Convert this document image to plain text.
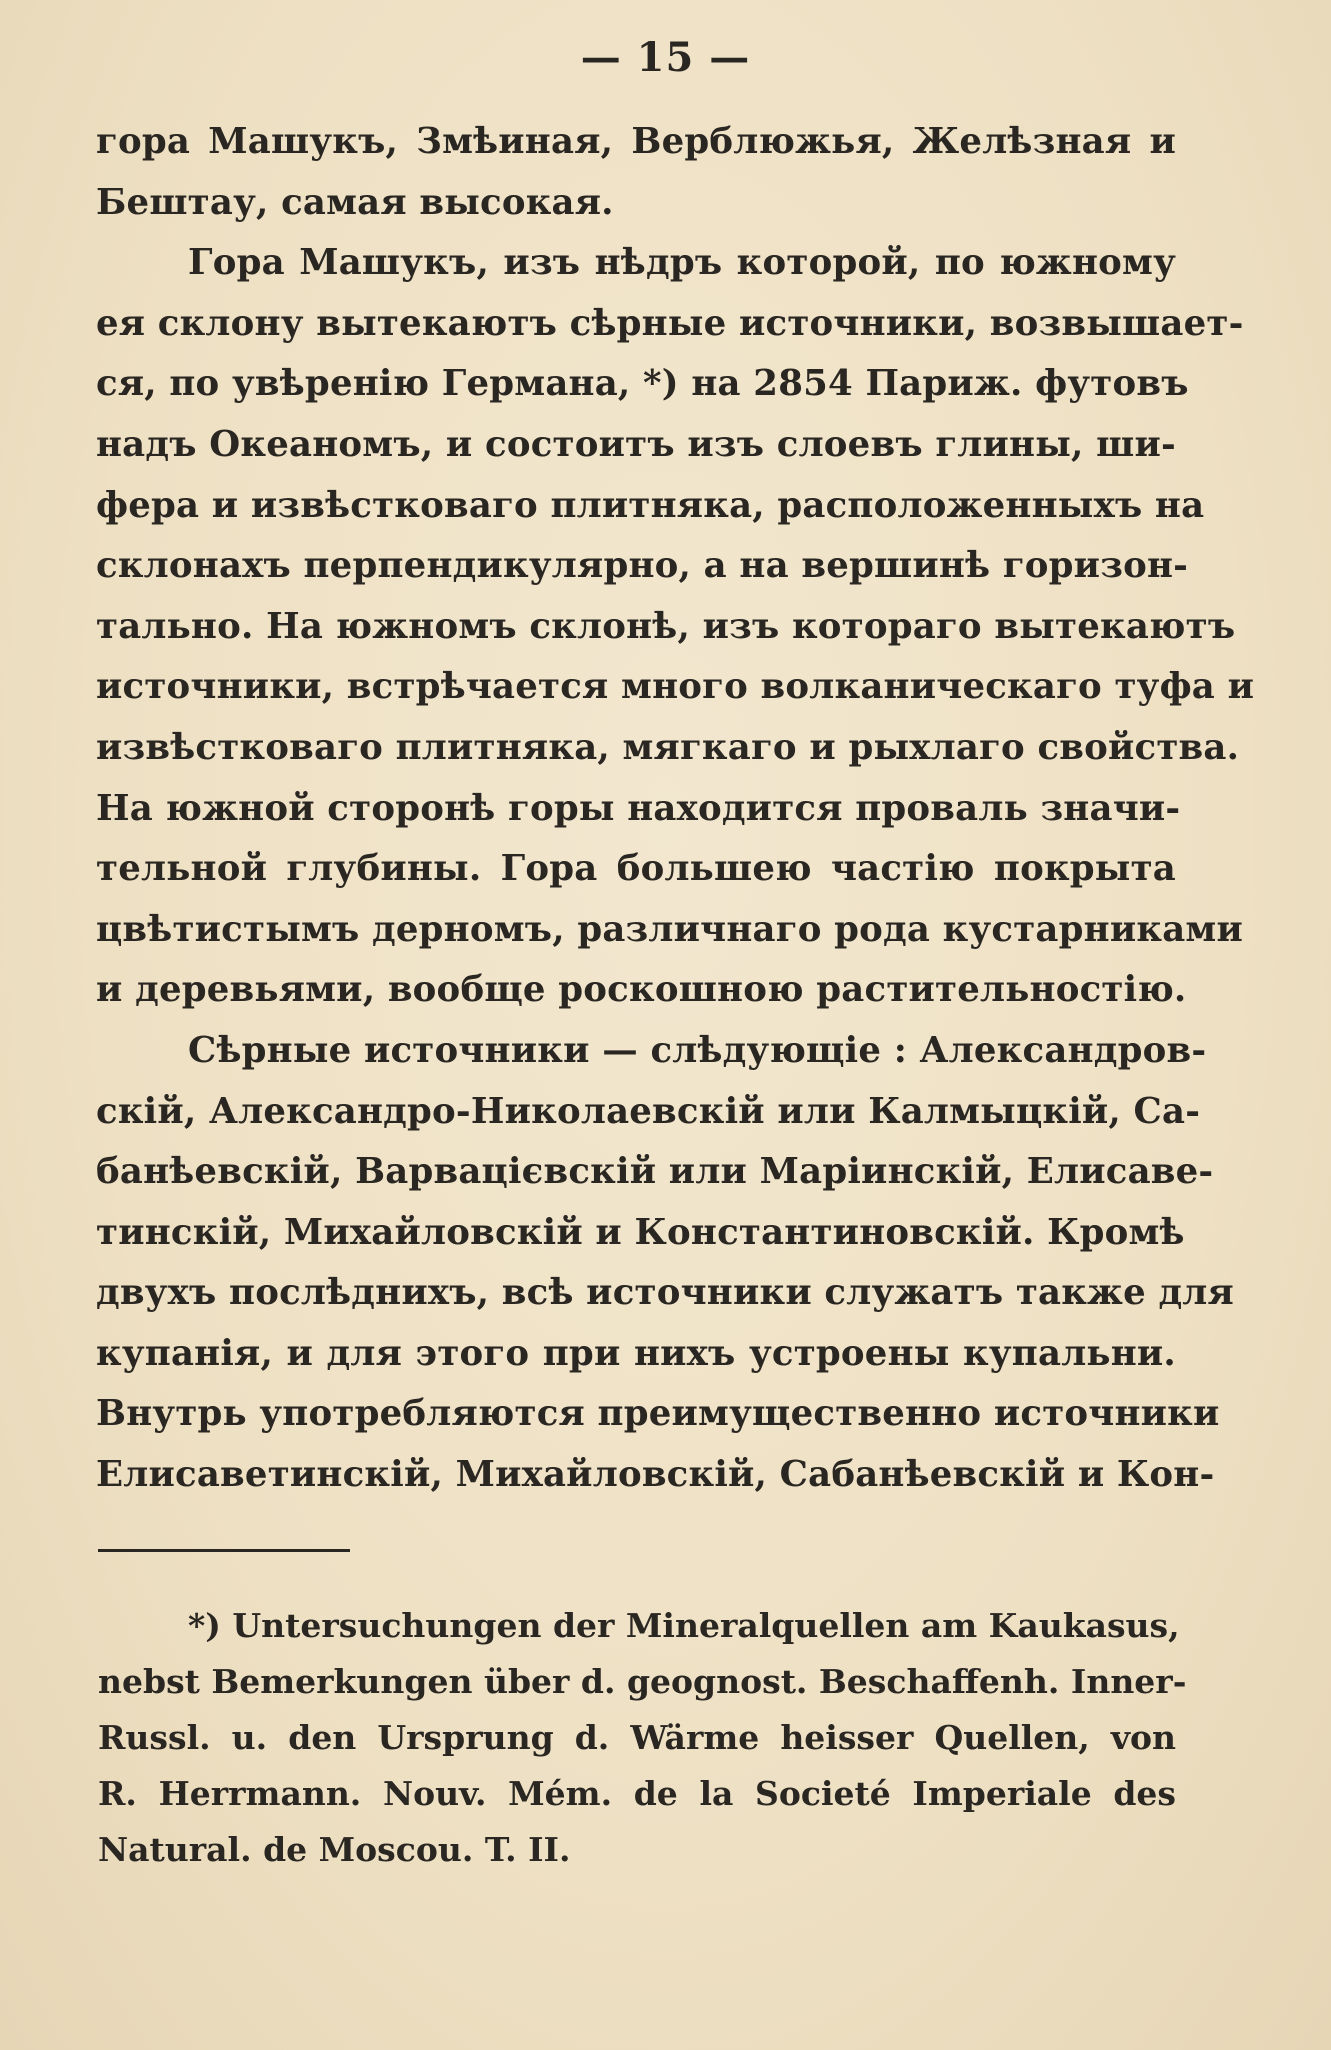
— 15 —
гора Машукъ, Змѣиная, Верблюжья, Желѣзная и
Бештау, самая высокая.
Гора Машукъ, изъ нѣдръ которой, по южному
ея склону вытекаютъ сѣрные источники, возвышает-
ся, по увѣренію Германа, *) на 2854 Париж. футовъ
надъ Океаномъ, и состоитъ изъ слоевъ глины, ши-
фера и извѣстковаго плитняка, расположенныхъ на
склонахъ перпендикулярно, а на вершинѣ горизон-
тально. На южномъ склонѣ, изъ котораго вытекаютъ
источники, встрѣчается много волканическаго туфа и
извѣстковаго плитняка, мягкаго и рыхлаго свойства.
На южной сторонѣ горы находится проваль значи-
тельной глубины. Гора большею частію покрыта
цвѣтистымъ дерномъ, различнаго рода кустарниками
и деревьями, вообще роскошною растительностію.
Сѣрные источники — слѣдующіе : Александров-
скій, Александро-Николаевскій или Калмыцкій, Са-
банѣевскій, Варвацієвскій или Маріинскій, Елисаве-
тинскій, Михайловскій и Константиновскій. Кромѣ
двухъ послѣднихъ, всѣ источники служатъ также для
купанія, и для этого при нихъ устроены купальни.
Внутрь употребляются преимущественно источники
Елисаветинскій, Михайловскій, Сабанѣевскій и Кон-
*) Untersuchungen der Mineralquellen am Kaukasus,
nebst Bemerkungen über d. geognost. Beschaffenh. Inner-
Russl. u. den Ursprung d. Wärme heisser Quellen, von
R. Herrmann. Nouv. Mém. de la Societé Imperiale des
Natural. de Moscou. T. II.
